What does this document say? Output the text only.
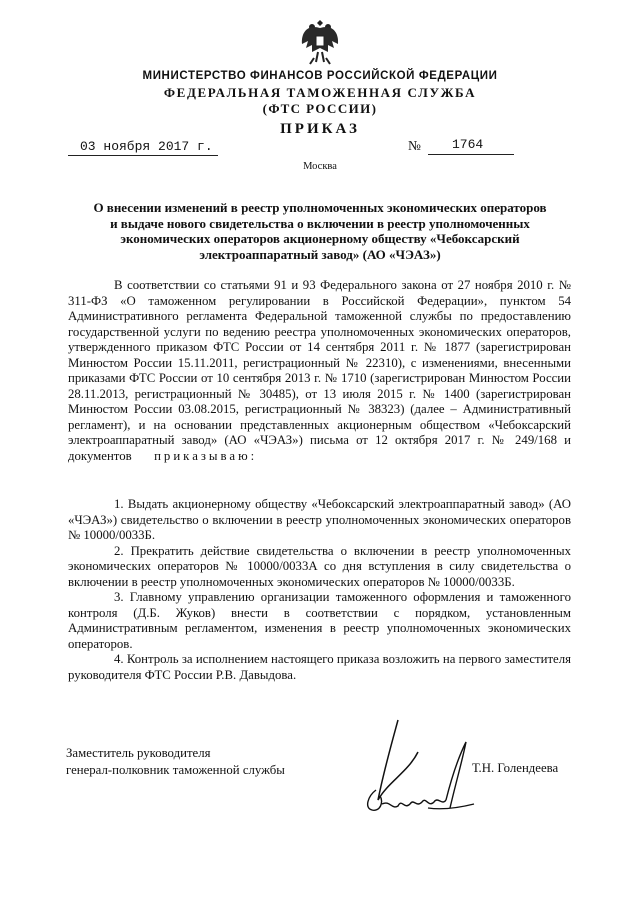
МИНИСТЕРСТВО ФИНАНСОВ РОССИЙСКОЙ ФЕДЕРАЦИИ
ФЕДЕРАЛЬНАЯ ТАМОЖЕННАЯ СЛУЖБА
(ФТС РОССИИ)
ПРИКАЗ
03 ноября 2017 г.	№ 1764
Москва
О внесении изменений в реестр уполномоченных экономических операторов
и выдаче нового свидетельства о включении в реестр уполномоченных
экономических операторов акционерному обществу «Чебоксарский
электроаппаратный завод» (АО «ЧЭАЗ»)

В соответствии со статьями 91 и 93 Федерального закона от 27 ноября 2010 г. № 311-ФЗ «О таможенном регулировании в Российской Федерации», пунктом 54 Административного регламента Федеральной таможенной службы по предоставлению государственной услуги по ведению реестра уполномоченных экономических операторов, утвержденного приказом ФТС России от 14 сентября 2011 г. № 1877 (зарегистрирован Минюстом России 15.11.2011, регистрационный № 22310), с изменениями, внесенными приказами ФТС России от 10 сентября 2013 г. № 1710 (зарегистрирован Минюстом России 28.11.2013, регистрационный № 30485), от 13 июля 2015 г. № 1400 (зарегистрирован Минюстом России 03.08.2015, регистрационный № 38323) (далее – Административный регламент), и на основании представленных акционерным обществом «Чебоксарский электроаппаратный завод» (АО «ЧЭАЗ») письма от 12 октября 2017 г. № 249/168 и документов приказываю:

1. Выдать акционерному обществу «Чебоксарский электроаппаратный завод» (АО «ЧЭАЗ») свидетельство о включении в реестр уполномоченных экономических операторов № 10000/0033Б.

2. Прекратить действие свидетельства о включении в реестр уполномоченных экономических операторов № 10000/0033А со дня вступления в силу свидетельства о включении в реестр уполномоченных экономических операторов № 10000/0033Б.

3. Главному управлению организации таможенного оформления и таможенного контроля (Д.Б. Жуков) внести в соответствии с порядком, установленным Административным регламентом, изменения в реестр уполномоченных экономических операторов.

4. Контроль за исполнением настоящего приказа возложить на первого заместителя руководителя ФТС России Р.В. Давыдова.

Заместитель руководителя
генерал-полковник таможенной службы	Т.Н. Голендеева
